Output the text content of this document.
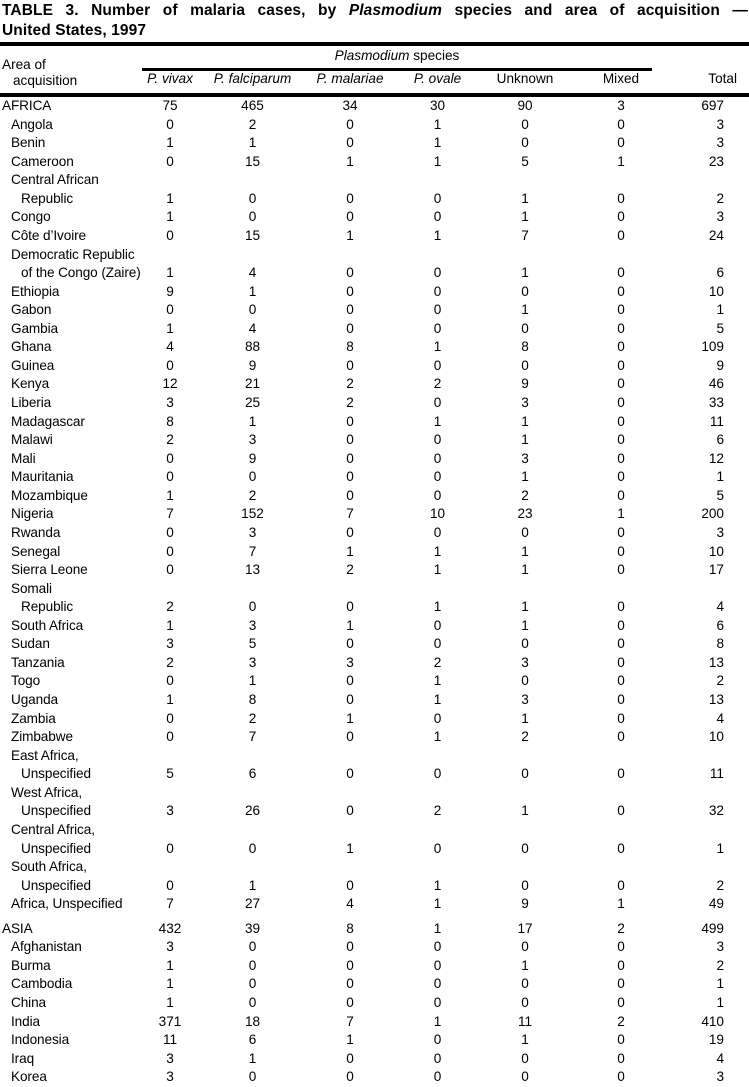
TABLE 3. Number of malaria cases, by Plasmodium species and area of acquisition —
United States, 1997
Area of
acquisition
Plasmodium species
P. vivax	P. falciparum	P. malariae	P. ovale	Unknown	Mixed	Total
AFRICA	75	465	34	30	90	3	697
Angola	0	2	0	1	0	0	3
Benin	1	1	0	1	0	0	3
Cameroon	0	15	1	1	5	1	23
Central African
Republic	1	0	0	0	1	0	2
Congo	1	0	0	0	1	0	3
Côte d’Ivoire	0	15	1	1	7	0	24
Democratic Republic
of the Congo (Zaire)	1	4	0	0	1	0	6
Ethiopia	9	1	0	0	0	0	10
Gabon	0	0	0	0	1	0	1
Gambia	1	4	0	0	0	0	5
Ghana	4	88	8	1	8	0	109
Guinea	0	9	0	0	0	0	9
Kenya	12	21	2	2	9	0	46
Liberia	3	25	2	0	3	0	33
Madagascar	8	1	0	1	1	0	11
Malawi	2	3	0	0	1	0	6
Mali	0	9	0	0	3	0	12
Mauritania	0	0	0	0	1	0	1
Mozambique	1	2	0	0	2	0	5
Nigeria	7	152	7	10	23	1	200
Rwanda	0	3	0	0	0	0	3
Senegal	0	7	1	1	1	0	10
Sierra Leone	0	13	2	1	1	0	17
Somali
Republic	2	0	0	1	1	0	4
South Africa	1	3	1	0	1	0	6
Sudan	3	5	0	0	0	0	8
Tanzania	2	3	3	2	3	0	13
Togo	0	1	0	1	0	0	2
Uganda	1	8	0	1	3	0	13
Zambia	0	2	1	0	1	0	4
Zimbabwe	0	7	0	1	2	0	10
East Africa,
Unspecified	5	6	0	0	0	0	11
West Africa,
Unspecified	3	26	0	2	1	0	32
Central Africa,
Unspecified	0	0	1	0	0	0	1
South Africa,
Unspecified	0	1	0	1	0	0	2
Africa, Unspecified	7	27	4	1	9	1	49
ASIA	432	39	8	1	17	2	499
Afghanistan	3	0	0	0	0	0	3
Burma	1	0	0	0	1	0	2
Cambodia	1	0	0	0	0	0	1
China	1	0	0	0	0	0	1
India	371	18	7	1	11	2	410
Indonesia	11	6	1	0	1	0	19
Iraq	3	1	0	0	0	0	4
Korea	3	0	0	0	0	0	3
